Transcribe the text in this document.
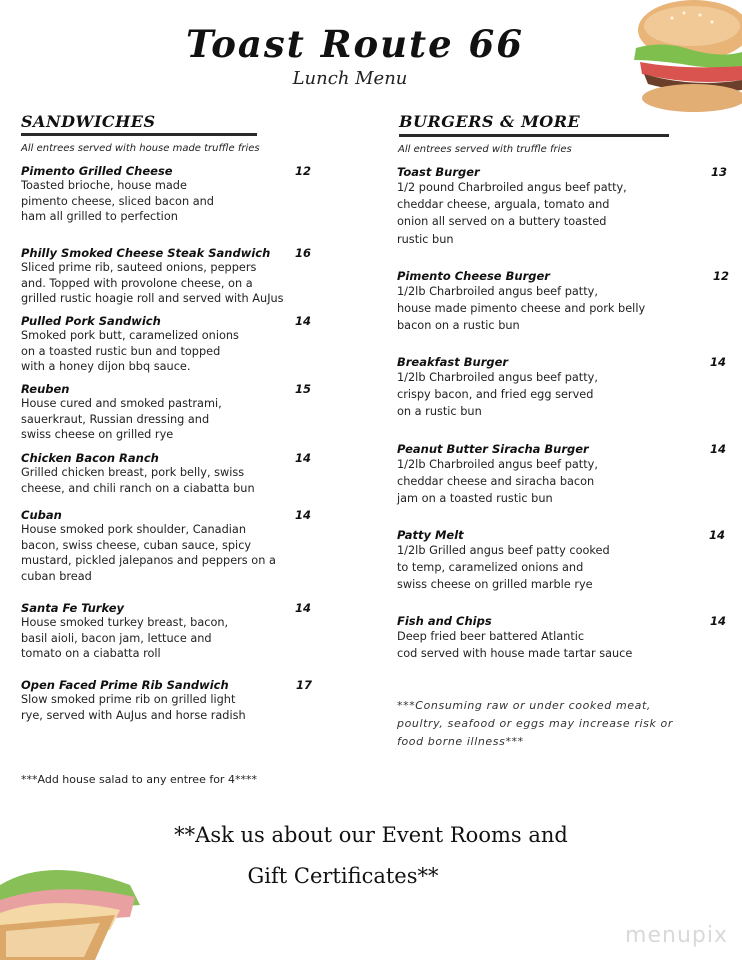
Toast Route 66
Lunch Menu
SANDWICHES
All entrees served with house made truffle fries
Pimento Grilled Cheese
Toasted brioche, house made
pimento cheese, sliced bacon and
ham all grilled to perfection
12
Philly Smoked Cheese Steak Sandwich
Sliced prime rib, sauteed onions, peppers
and. Topped with provolone cheese, on a
grilled rustic hoagie roll and served with AuJus
16
Pulled Pork Sandwich
Smoked pork butt, caramelized onions
on a toasted rustic bun and topped
with a honey dijon bbq sauce.
14
Reuben
House cured and smoked pastrami,
sauerkraut, Russian dressing and
swiss cheese on grilled rye
15
Chicken Bacon Ranch
Grilled chicken breast, pork belly, swiss
cheese, and chili ranch on a ciabatta bun
14
Cuban
House smoked pork shoulder, Canadian
bacon, swiss cheese, cuban sauce, spicy
mustard, pickled jalepanos and peppers on a
cuban bread
14
Santa Fe Turkey
House smoked turkey breast, bacon,
basil aioli, bacon jam, lettuce and
tomato on a ciabatta roll
14
Open Faced Prime Rib Sandwich
Slow smoked prime rib on grilled light
rye, served with AuJus and horse radish
17
***Add house salad to any entree for 4****
BURGERS & MORE
All entrees served with truffle fries
Toast Burger
1/2 pound Charbroiled angus beef patty,
cheddar cheese, arguala, tomato and
onion all served on a buttery toasted
rustic bun
13
Pimento Cheese Burger
1/2lb Charbroiled angus beef patty,
house made pimento cheese and pork belly
bacon on a rustic bun
12
Breakfast Burger
1/2lb Charbroiled angus beef patty,
crispy bacon, and fried egg served
on a rustic bun
14
Peanut Butter Siracha Burger
1/2lb Charbroiled angus beef patty,
cheddar cheese and siracha bacon
jam on a toasted rustic bun
14
Patty Melt
1/2lb Grilled angus beef patty cooked
to temp, caramelized onions and
swiss cheese on grilled marble rye
14
Fish and Chips
Deep fried beer battered Atlantic
cod served with house made tartar sauce
14
***Consuming raw or under cooked meat,
poultry, seafood or eggs may increase risk or
food borne illness***
**Ask us about our Event Rooms and
Gift Certificates**
menupix
